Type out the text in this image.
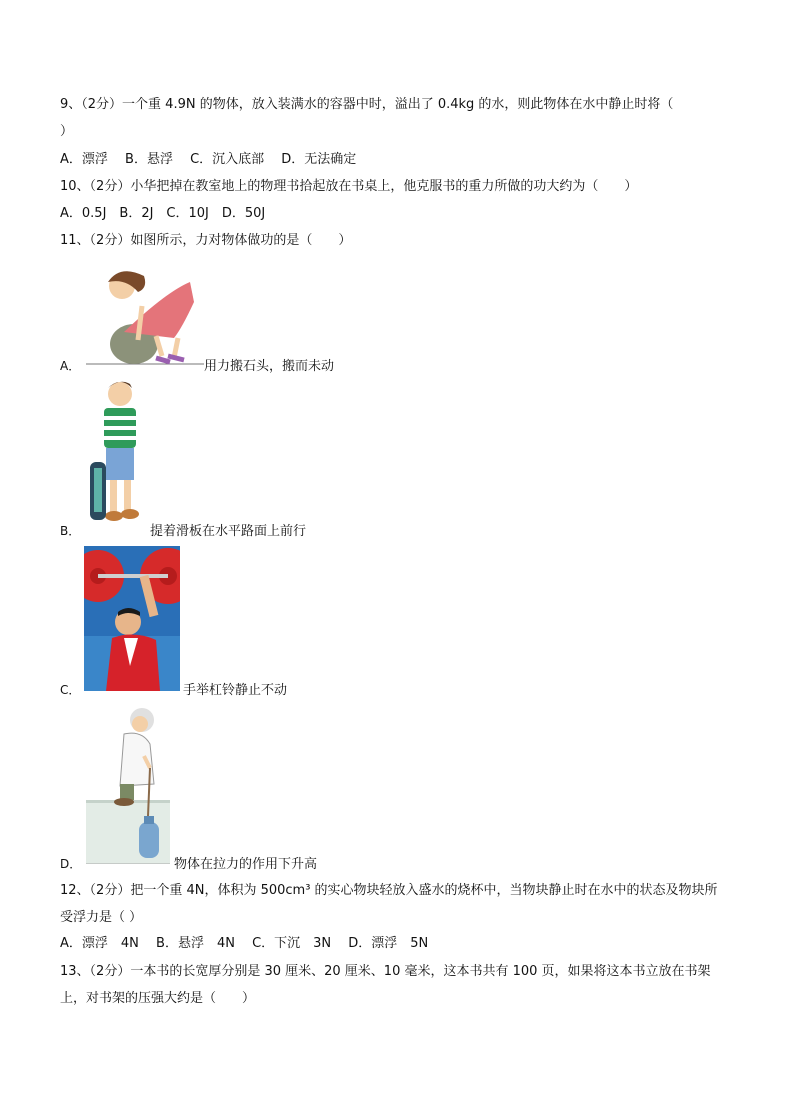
9、（2分）一个重 4.9N 的物体，放入装满水的容器中时，溢出了 0.4kg 的水，则此物体在水中静止时将（
）
A．漂浮　 B．悬浮　 C．沉入底部　 D．无法确定
10、（2分）小华把掉在教室地上的物理书拾起放在书桌上，他克服书的重力所做的功大约为（　　）
A．0.5J　B．2J　C．10J　D．50J
11、（2分）如图所示，力对物体做功的是（　　）
A．	用力搬石头，搬而未动
B．	提着滑板在水平路面上前行
C．	手举杠铃静止不动
D．	物体在拉力的作用下升高
12、（2分）把一个重 4N，体积为 500cm³ 的实心物块轻放入盛水的烧杯中，当物块静止时在水中的状态及物块所受浮力是（ ）
A．漂浮　4N　 B．悬浮　4N　 C．下沉　3N　 D．漂浮　5N
13、（2分）一本书的长宽厚分别是 30 厘米、20 厘米、10 毫米，这本书共有 100 页，如果将这本书立放在书架上，对书架的压强大约是（　　）
